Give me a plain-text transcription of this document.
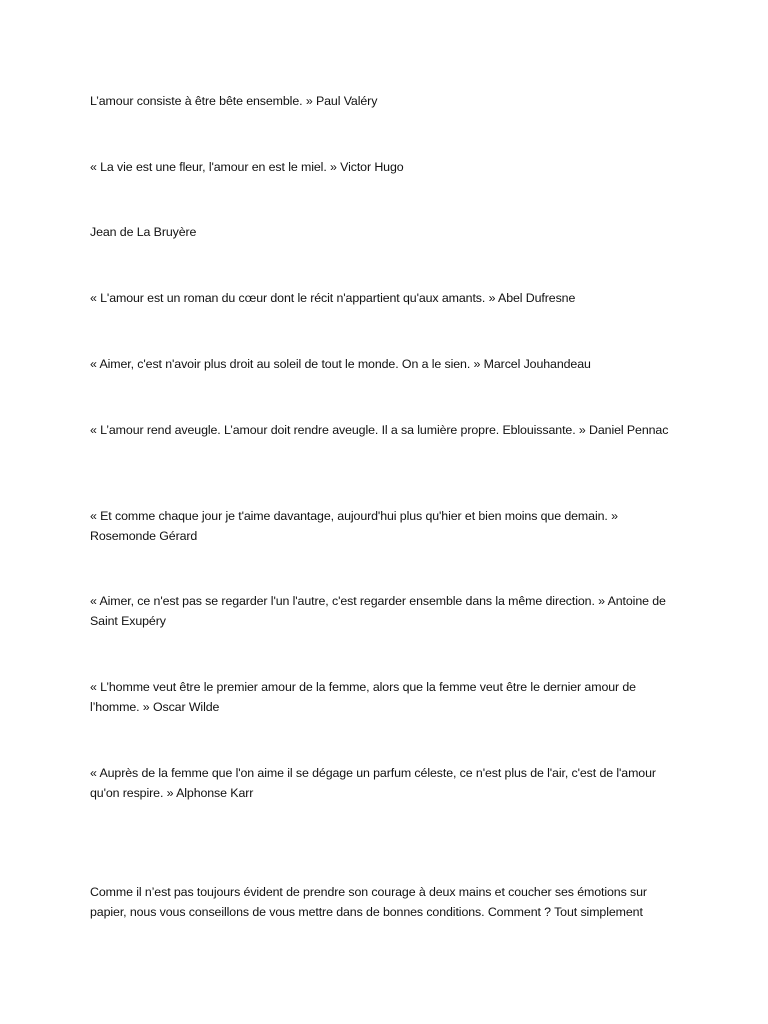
L’amour consiste à être bête ensemble. » Paul Valéry

« La vie est une fleur, l'amour en est le miel. » Victor Hugo

Jean de La Bruyère

« L'amour est un roman du cœur dont le récit n'appartient qu'aux amants. » Abel Dufresne

« Aimer, c'est n'avoir plus droit au soleil de tout le monde. On a le sien. » Marcel Jouhandeau

« L’amour rend aveugle. L’amour doit rendre aveugle. Il a sa lumière propre. Eblouissante. » Daniel Pennac

« Et comme chaque jour je t'aime davantage, aujourd'hui plus qu'hier et bien moins que demain. » Rosemonde Gérard

« Aimer, ce n'est pas se regarder l'un l'autre, c'est regarder ensemble dans la même direction. » Antoine de Saint Exupéry

« L’homme veut être le premier amour de la femme, alors que la femme veut être le dernier amour de l’homme. » Oscar Wilde

« Auprès de la femme que l'on aime il se dégage un parfum céleste, ce n'est plus de l'air, c'est de l'amour qu'on respire. » Alphonse Karr

Comme il n’est pas toujours évident de prendre son courage à deux mains et coucher ses émotions sur papier, nous vous conseillons de vous mettre dans de bonnes conditions. Comment ? Tout simplement
